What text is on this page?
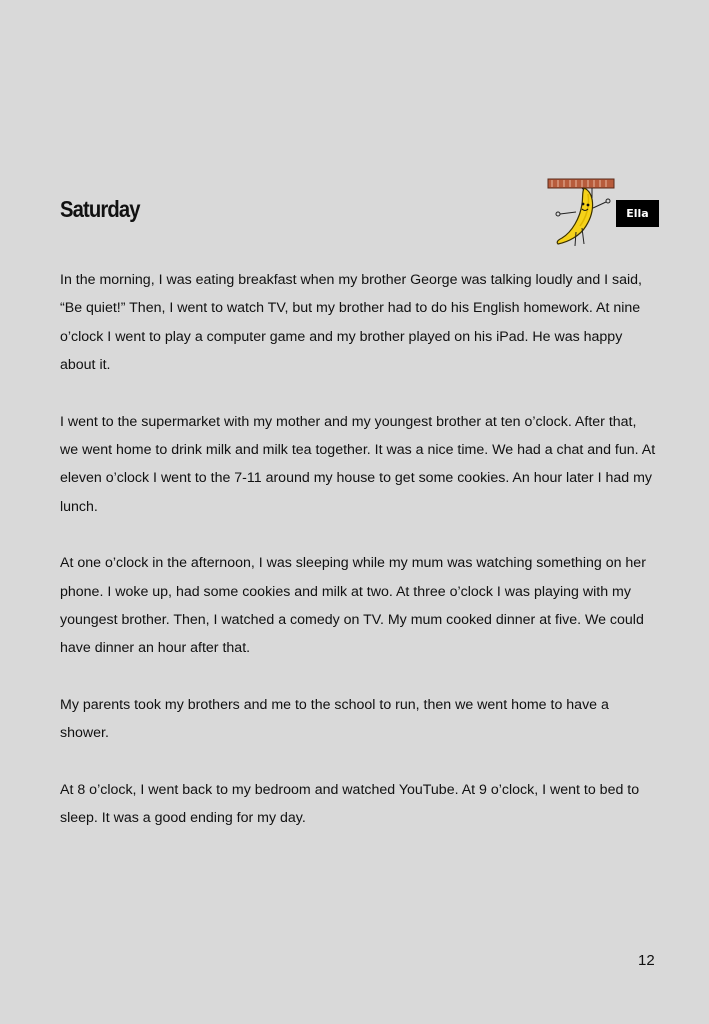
Saturday	Ella

In the morning, I was eating breakfast when my brother George was talking loudly and I said, “Be quiet!” Then, I went to watch TV, but my brother had to do his English homework. At nine o’clock I went to play a computer game and my brother played on his iPad. He was happy about it.

I went to the supermarket with my mother and my youngest brother at ten o’clock. After that, we went home to drink milk and milk tea together. It was a nice time. We had a chat and fun. At eleven o’clock I went to the 7-11 around my house to get some cookies. An hour later I had my lunch.

At one o’clock in the afternoon, I was sleeping while my mum was watching something on her phone. I woke up, had some cookies and milk at two. At three o’clock I was playing with my youngest brother. Then, I watched a comedy on TV. My mum cooked dinner at five. We could have dinner an hour after that.

My parents took my brothers and me to the school to run, then we went home to have a shower.

At 8 o’clock, I went back to my bedroom and watched YouTube. At 9 o’clock, I went to bed to sleep. It was a good ending for my day.

12
